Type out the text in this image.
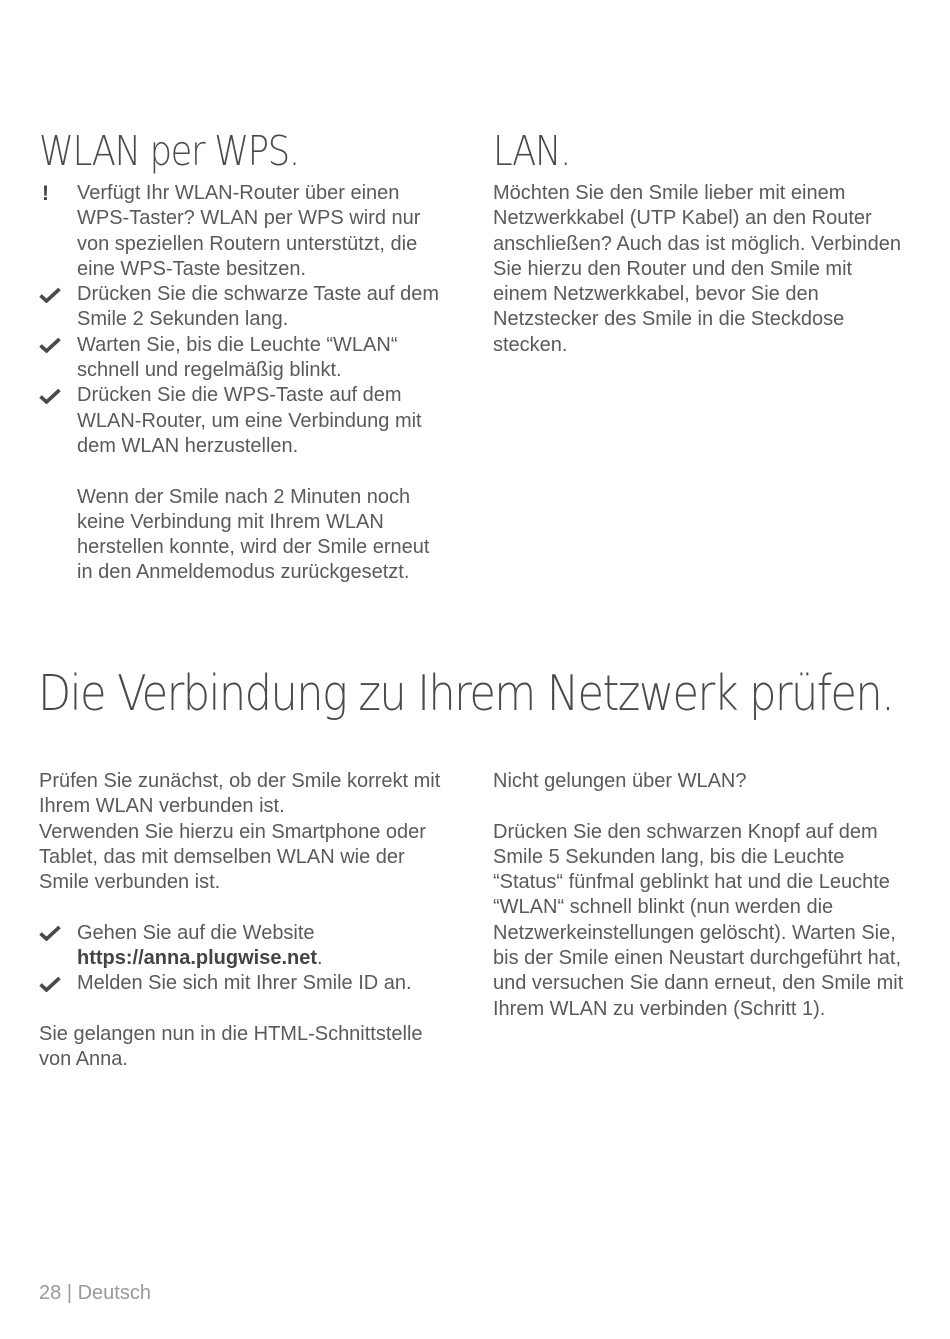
WLAN per WPS.
!	Verfügt Ihr WLAN-Router über einen WPS-Taster? WLAN per WPS wird nur von speziellen Routern unterstützt, die eine WPS-Taste besitzen.

Drücken Sie die schwarze Taste auf dem Smile 2 Sekunden lang.

Warten Sie, bis die Leuchte “WLAN“ schnell und regelmäßig blinkt.

Drücken Sie die WPS-Taste auf dem WLAN-Router, um eine Verbindung mit dem WLAN herzustellen.

Wenn der Smile nach 2 Minuten noch keine Verbindung mit Ihrem WLAN herstellen konnte, wird der Smile erneut in den Anmeldemodus zurückgesetzt.

LAN.

Möchten Sie den Smile lieber mit einem Netzwerkkabel (UTP Kabel) an den Router anschließen? Auch das ist möglich. Verbinden Sie hierzu den Router und den Smile mit einem Netzwerkkabel, bevor Sie den Netzstecker des Smile in die Steckdose stecken.

Die Verbindung zu Ihrem Netzwerk prüfen.

Prüfen Sie zunächst, ob der Smile korrekt mit Ihrem WLAN verbunden ist.

Verwenden Sie hierzu ein Smartphone oder Tablet, das mit demselben WLAN wie der Smile verbunden ist.

Gehen Sie auf die Website
https://anna.plugwise.net.

Melden Sie sich mit Ihrer Smile ID an.

Sie gelangen nun in die HTML-Schnittstelle von Anna.

Nicht gelungen über WLAN?

Drücken Sie den schwarzen Knopf auf dem Smile 5 Sekunden lang, bis die Leuchte “Status“ fünfmal geblinkt hat und die Leuchte “WLAN“ schnell blinkt (nun werden die Netzwerkeinstellungen gelöscht). Warten Sie, bis der Smile einen Neustart durchgeführt hat, und versuchen Sie dann erneut, den Smile mit Ihrem WLAN zu verbinden (Schritt 1).

28 | Deutsch
